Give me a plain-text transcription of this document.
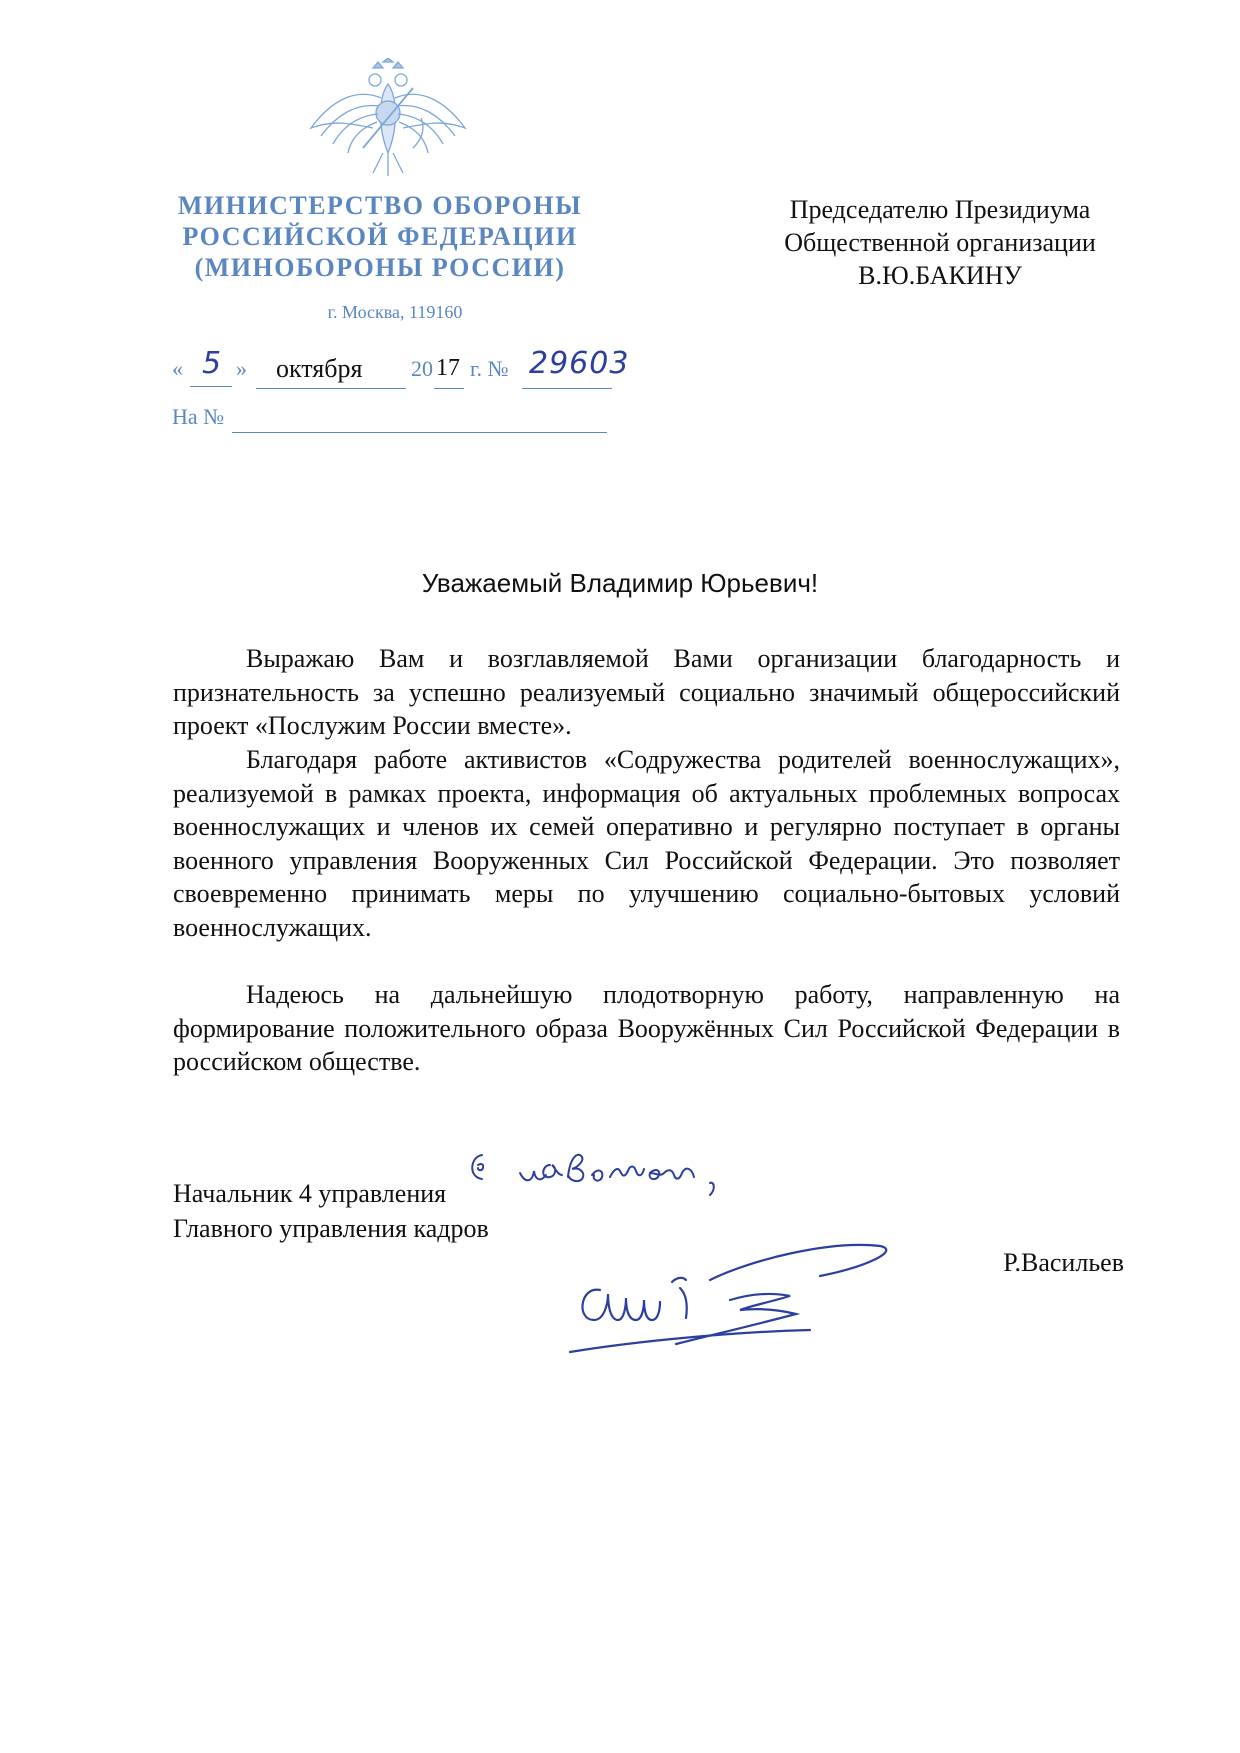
МИНИСТЕРСТВО ОБОРОНЫ
РОССИЙСКОЙ ФЕДЕРАЦИИ
(МИНОБОРОНЫ РОССИИ)
г. Москва, 119160
« 5 » октября 20 17 г. № 29603
На №
Председателю Президиума
Общественной организации
В.Ю.БАКИНУ
Уважаемый Владимир Юрьевич!

Выражаю Вам и возглавляемой Вами организации благодарность и признательность за успешно реализуемый социально значимый общероссийский проект «Послужим России вместе».

Благодаря работе активистов «Содружества родителей военнослужащих», реализуемой в рамках проекта, информация об актуальных проблемных вопросах военнослужащих и членов их семей оперативно и регулярно поступает в органы военного управления Вооруженных Сил Российской Федерации. Это позволяет своевременно принимать меры по улучшению социально-бытовых условий военнослужащих.

Надеюсь на дальнейшую плодотворную работу, направленную на формирование положительного образа Вооружённых Сил Российской Федерации в российском обществе.

Начальник 4 управления
Главного управления кадров
Р.Васильев
